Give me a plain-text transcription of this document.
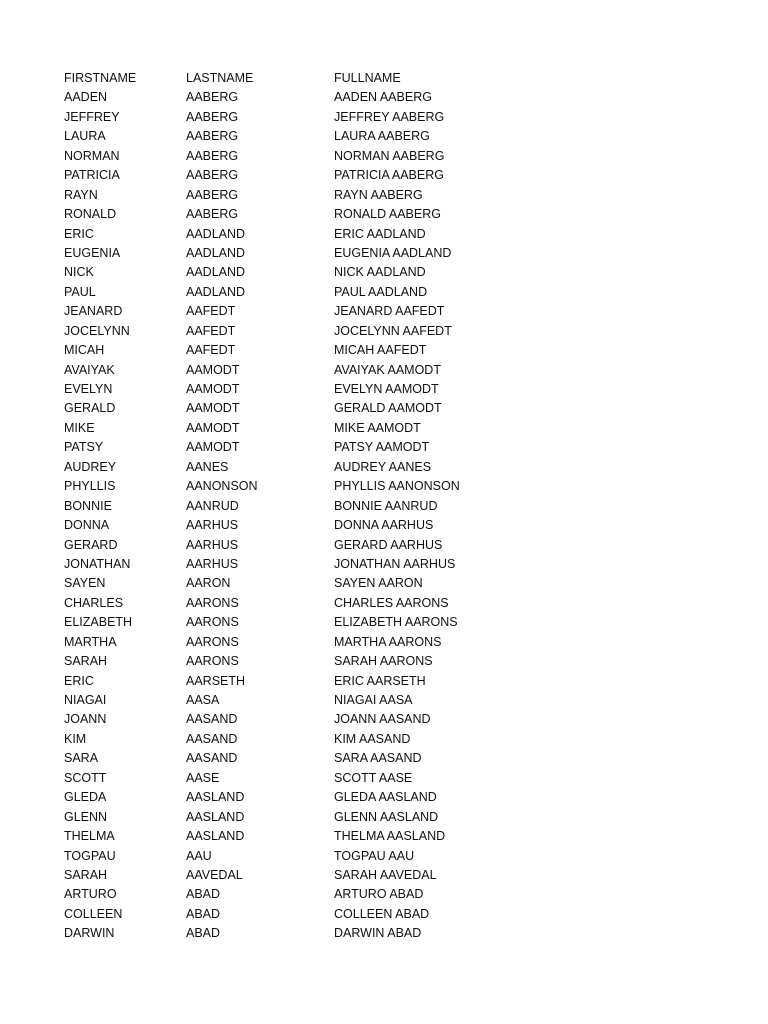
FIRSTNAME	LASTNAME	FULLNAME
AADEN	AABERG	AADEN AABERG
JEFFREY	AABERG	JEFFREY AABERG
LAURA	AABERG	LAURA AABERG
NORMAN	AABERG	NORMAN AABERG
PATRICIA	AABERG	PATRICIA AABERG
RAYN	AABERG	RAYN AABERG
RONALD	AABERG	RONALD AABERG
ERIC	AADLAND	ERIC AADLAND
EUGENIA	AADLAND	EUGENIA AADLAND
NICK	AADLAND	NICK AADLAND
PAUL	AADLAND	PAUL AADLAND
JEANARD	AAFEDT	JEANARD AAFEDT
JOCELYNN	AAFEDT	JOCELYNN AAFEDT
MICAH	AAFEDT	MICAH AAFEDT
AVAIYAK	AAMODT	AVAIYAK AAMODT
EVELYN	AAMODT	EVELYN AAMODT
GERALD	AAMODT	GERALD AAMODT
MIKE	AAMODT	MIKE AAMODT
PATSY	AAMODT	PATSY AAMODT
AUDREY	AANES	AUDREY AANES
PHYLLIS	AANONSON	PHYLLIS AANONSON
BONNIE	AANRUD	BONNIE AANRUD
DONNA	AARHUS	DONNA AARHUS
GERARD	AARHUS	GERARD AARHUS
JONATHAN	AARHUS	JONATHAN AARHUS
SAYEN	AARON	SAYEN AARON
CHARLES	AARONS	CHARLES AARONS
ELIZABETH	AARONS	ELIZABETH AARONS
MARTHA	AARONS	MARTHA AARONS
SARAH	AARONS	SARAH AARONS
ERIC	AARSETH	ERIC AARSETH
NIAGAI	AASA	NIAGAI AASA
JOANN	AASAND	JOANN AASAND
KIM	AASAND	KIM AASAND
SARA	AASAND	SARA AASAND
SCOTT	AASE	SCOTT AASE
GLEDA	AASLAND	GLEDA AASLAND
GLENN	AASLAND	GLENN AASLAND
THELMA	AASLAND	THELMA AASLAND
TOGPAU	AAU	TOGPAU AAU
SARAH	AAVEDAL	SARAH AAVEDAL
ARTURO	ABAD	ARTURO ABAD
COLLEEN	ABAD	COLLEEN ABAD
DARWIN	ABAD	DARWIN ABAD
